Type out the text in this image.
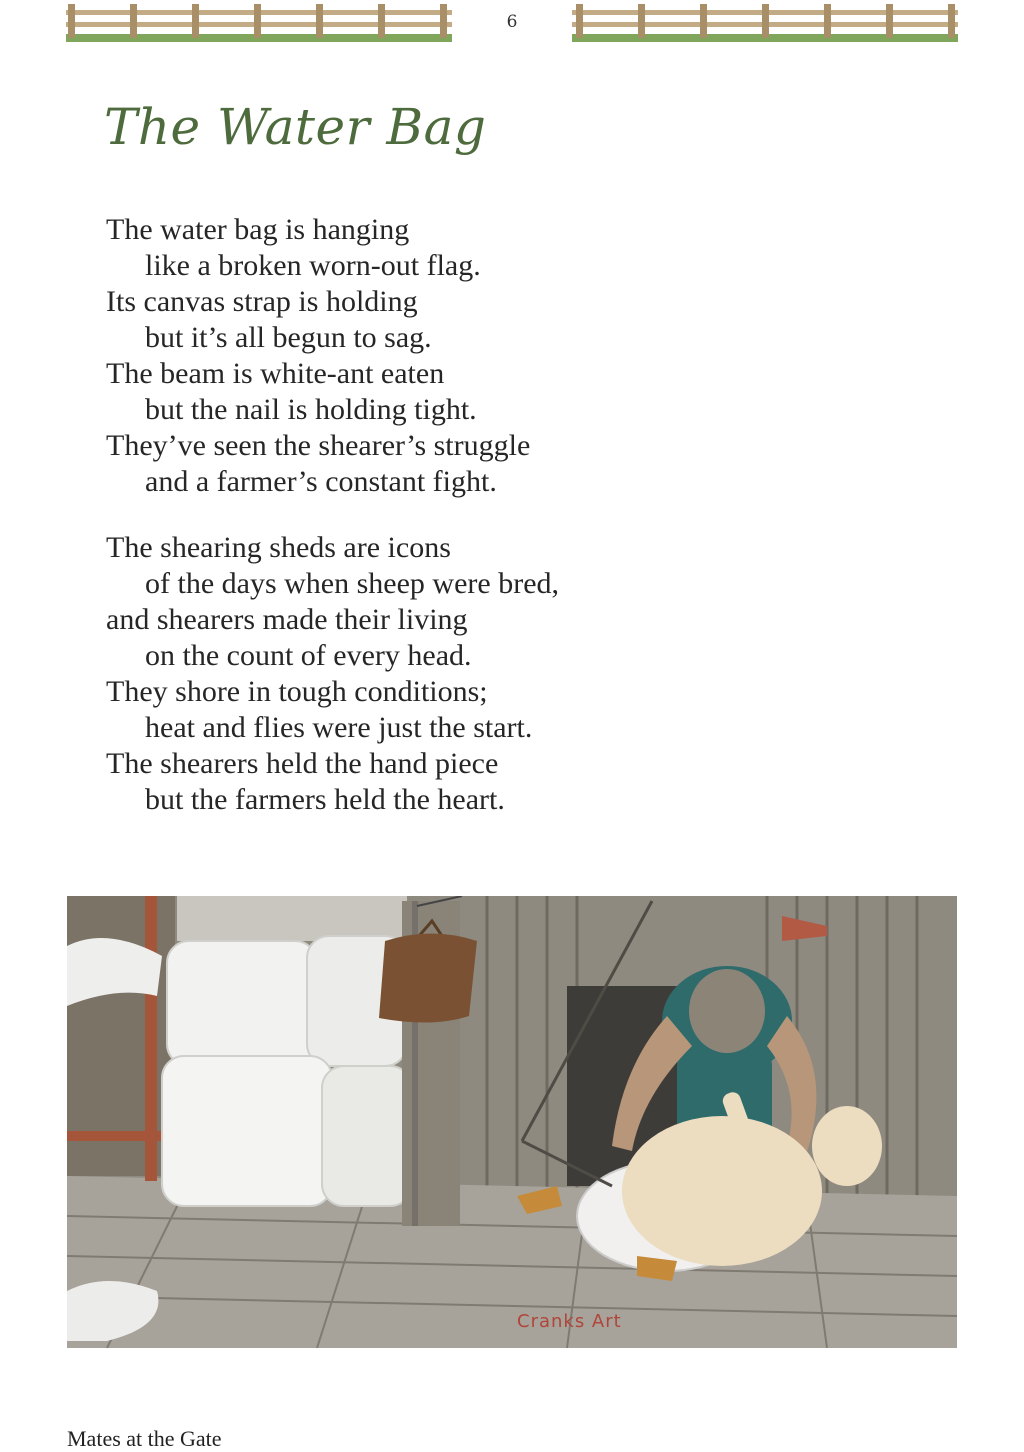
6
The Water Bag
The water bag is hanging
like a broken worn-out flag.
Its canvas strap is holding
but it’s all begun to sag.
The beam is white-ant eaten
but the nail is holding tight.
They’ve seen the shearer’s struggle
and a farmer’s constant fight.
The shearing sheds are icons
of the days when sheep were bred,
and shearers made their living
on the count of every head.
They shore in tough conditions;
heat and flies were just the start.
The shearers held the hand piece
but the farmers held the heart.
Cranks Art
Mates at the Gate
